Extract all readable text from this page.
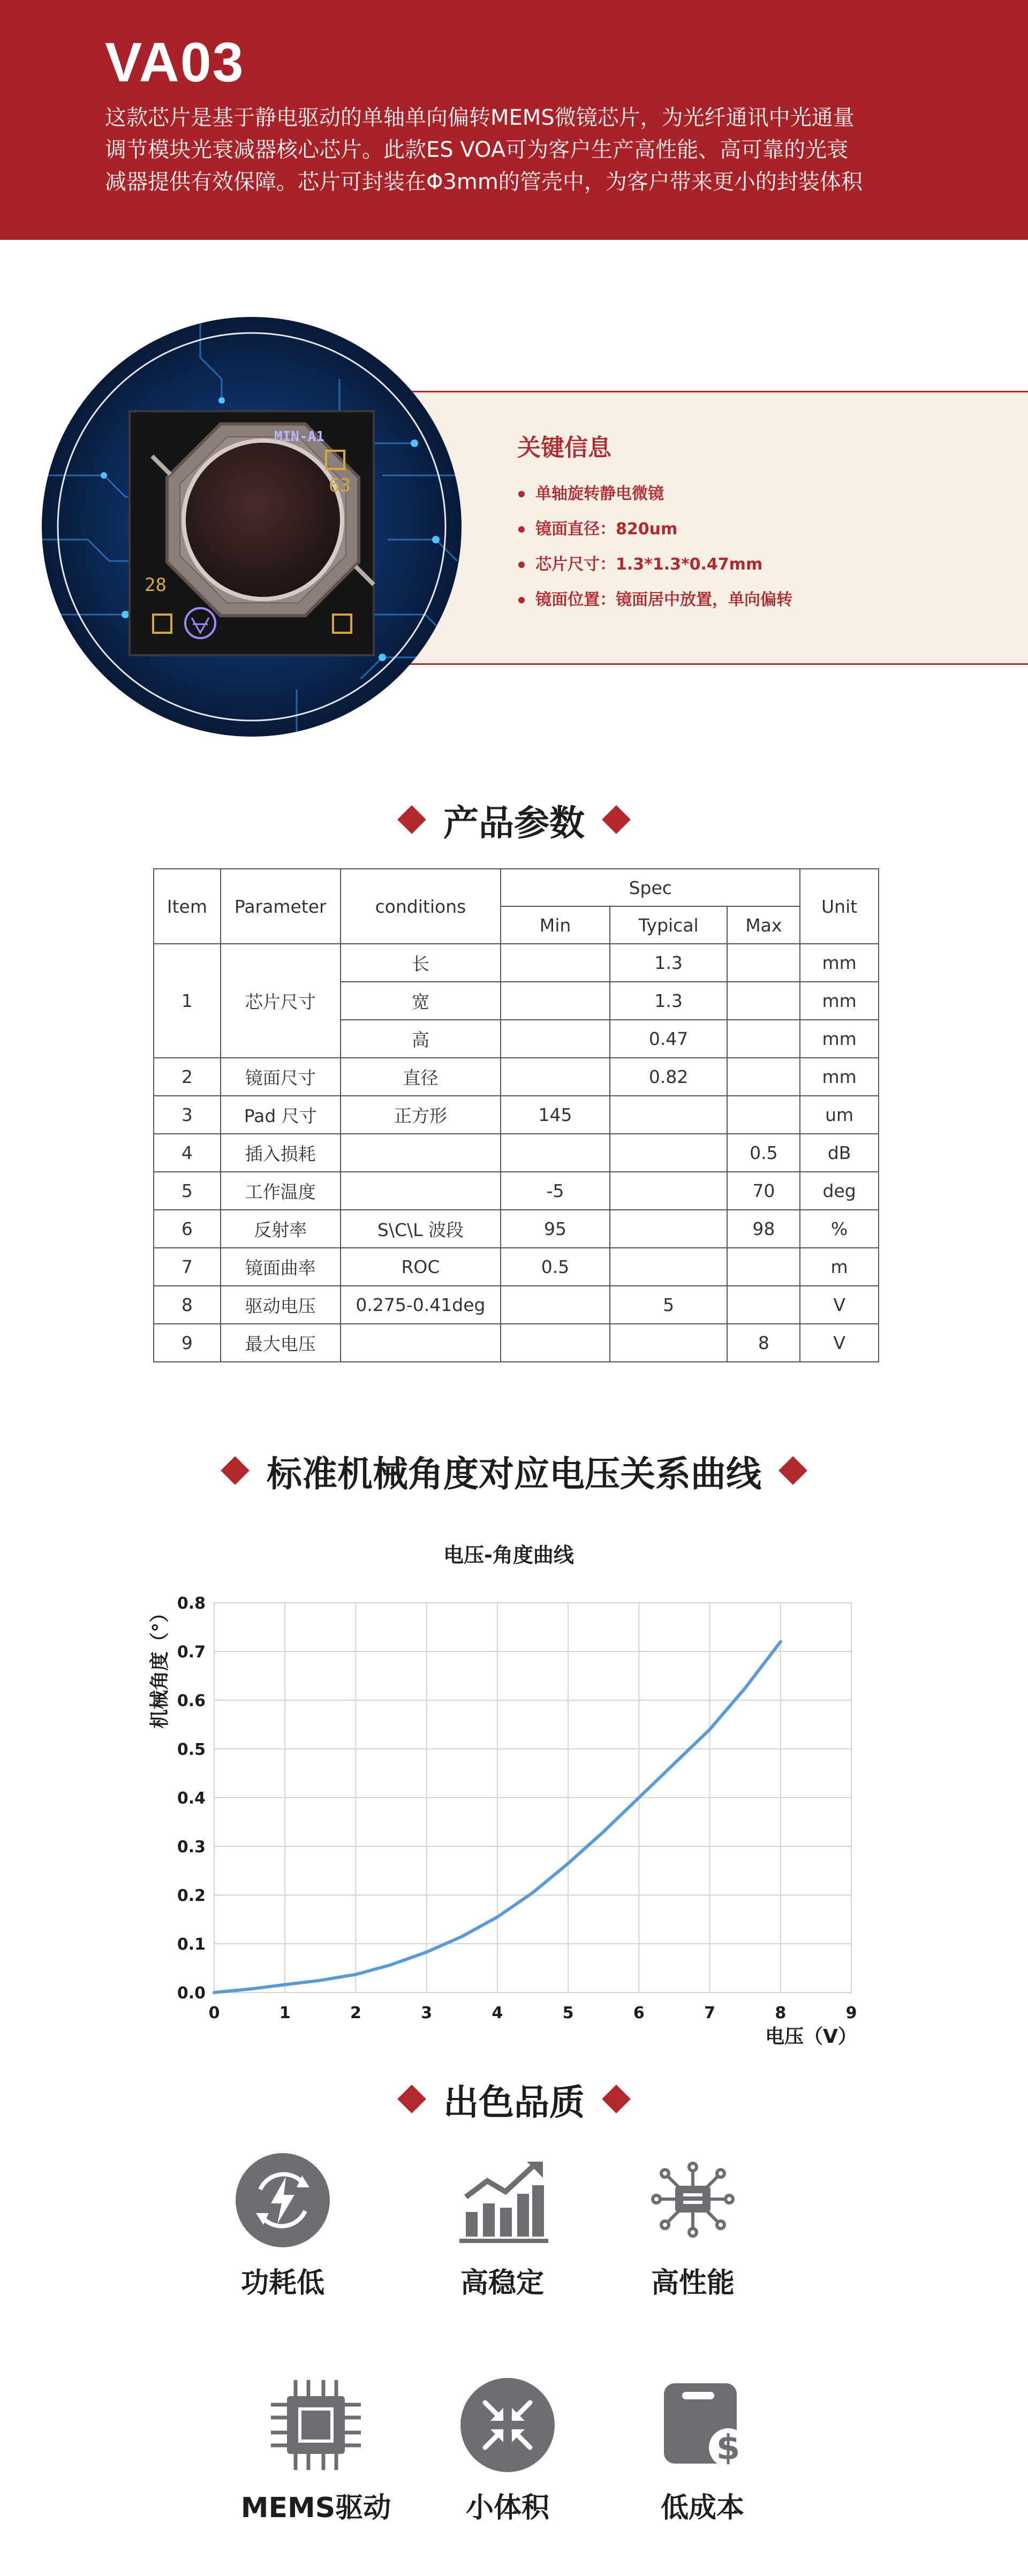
VA03
这款芯片是基于静电驱动的单轴单向偏转MEMS微镜芯片，为光纤通讯中光通量调节模块光衰减器核心芯片。此款ES VOA可为客户生产高性能、高可靠的光衰减器提供有效保障。芯片可封装在Φ3mm的管壳中，为客户带来更小的封装体积
MIN-A1
63
28
关键信息
单轴旋转静电微镜
镜面直径：820um
芯片尺寸：1.3*1.3*0.47mm
镜面位置：镜面居中放置，单向偏转
产品参数
Item	Parameter	conditions	Spec			Unit
			Min	Typical	Max	
1	芯片尺寸	长		1.3		mm
		宽		1.3		mm
		高		0.47		mm
2	镜面尺寸	直径		0.82		mm
3	Pad 尺寸	正方形	145			um
4	插入损耗				0.5	dB
5	工作温度		-5		70	deg
6	反射率	S\C\L 波段	95		98	%
7	镜面曲率	ROC	0.5			m
8	驱动电压	0.275-0.41deg		5		V
9	最大电压				8	V
标准机械角度对应电压关系曲线
电压-角度曲线
0	1	2	3	4	5	6	7	8	9
0.0
0.1
0.2
0.3
0.4
0.5
0.6
0.7
0.8
电压（V）
机械角度（°）
出色品质
功耗低	高稳定	高性能
MEMS驱动	小体积
$
低成本
